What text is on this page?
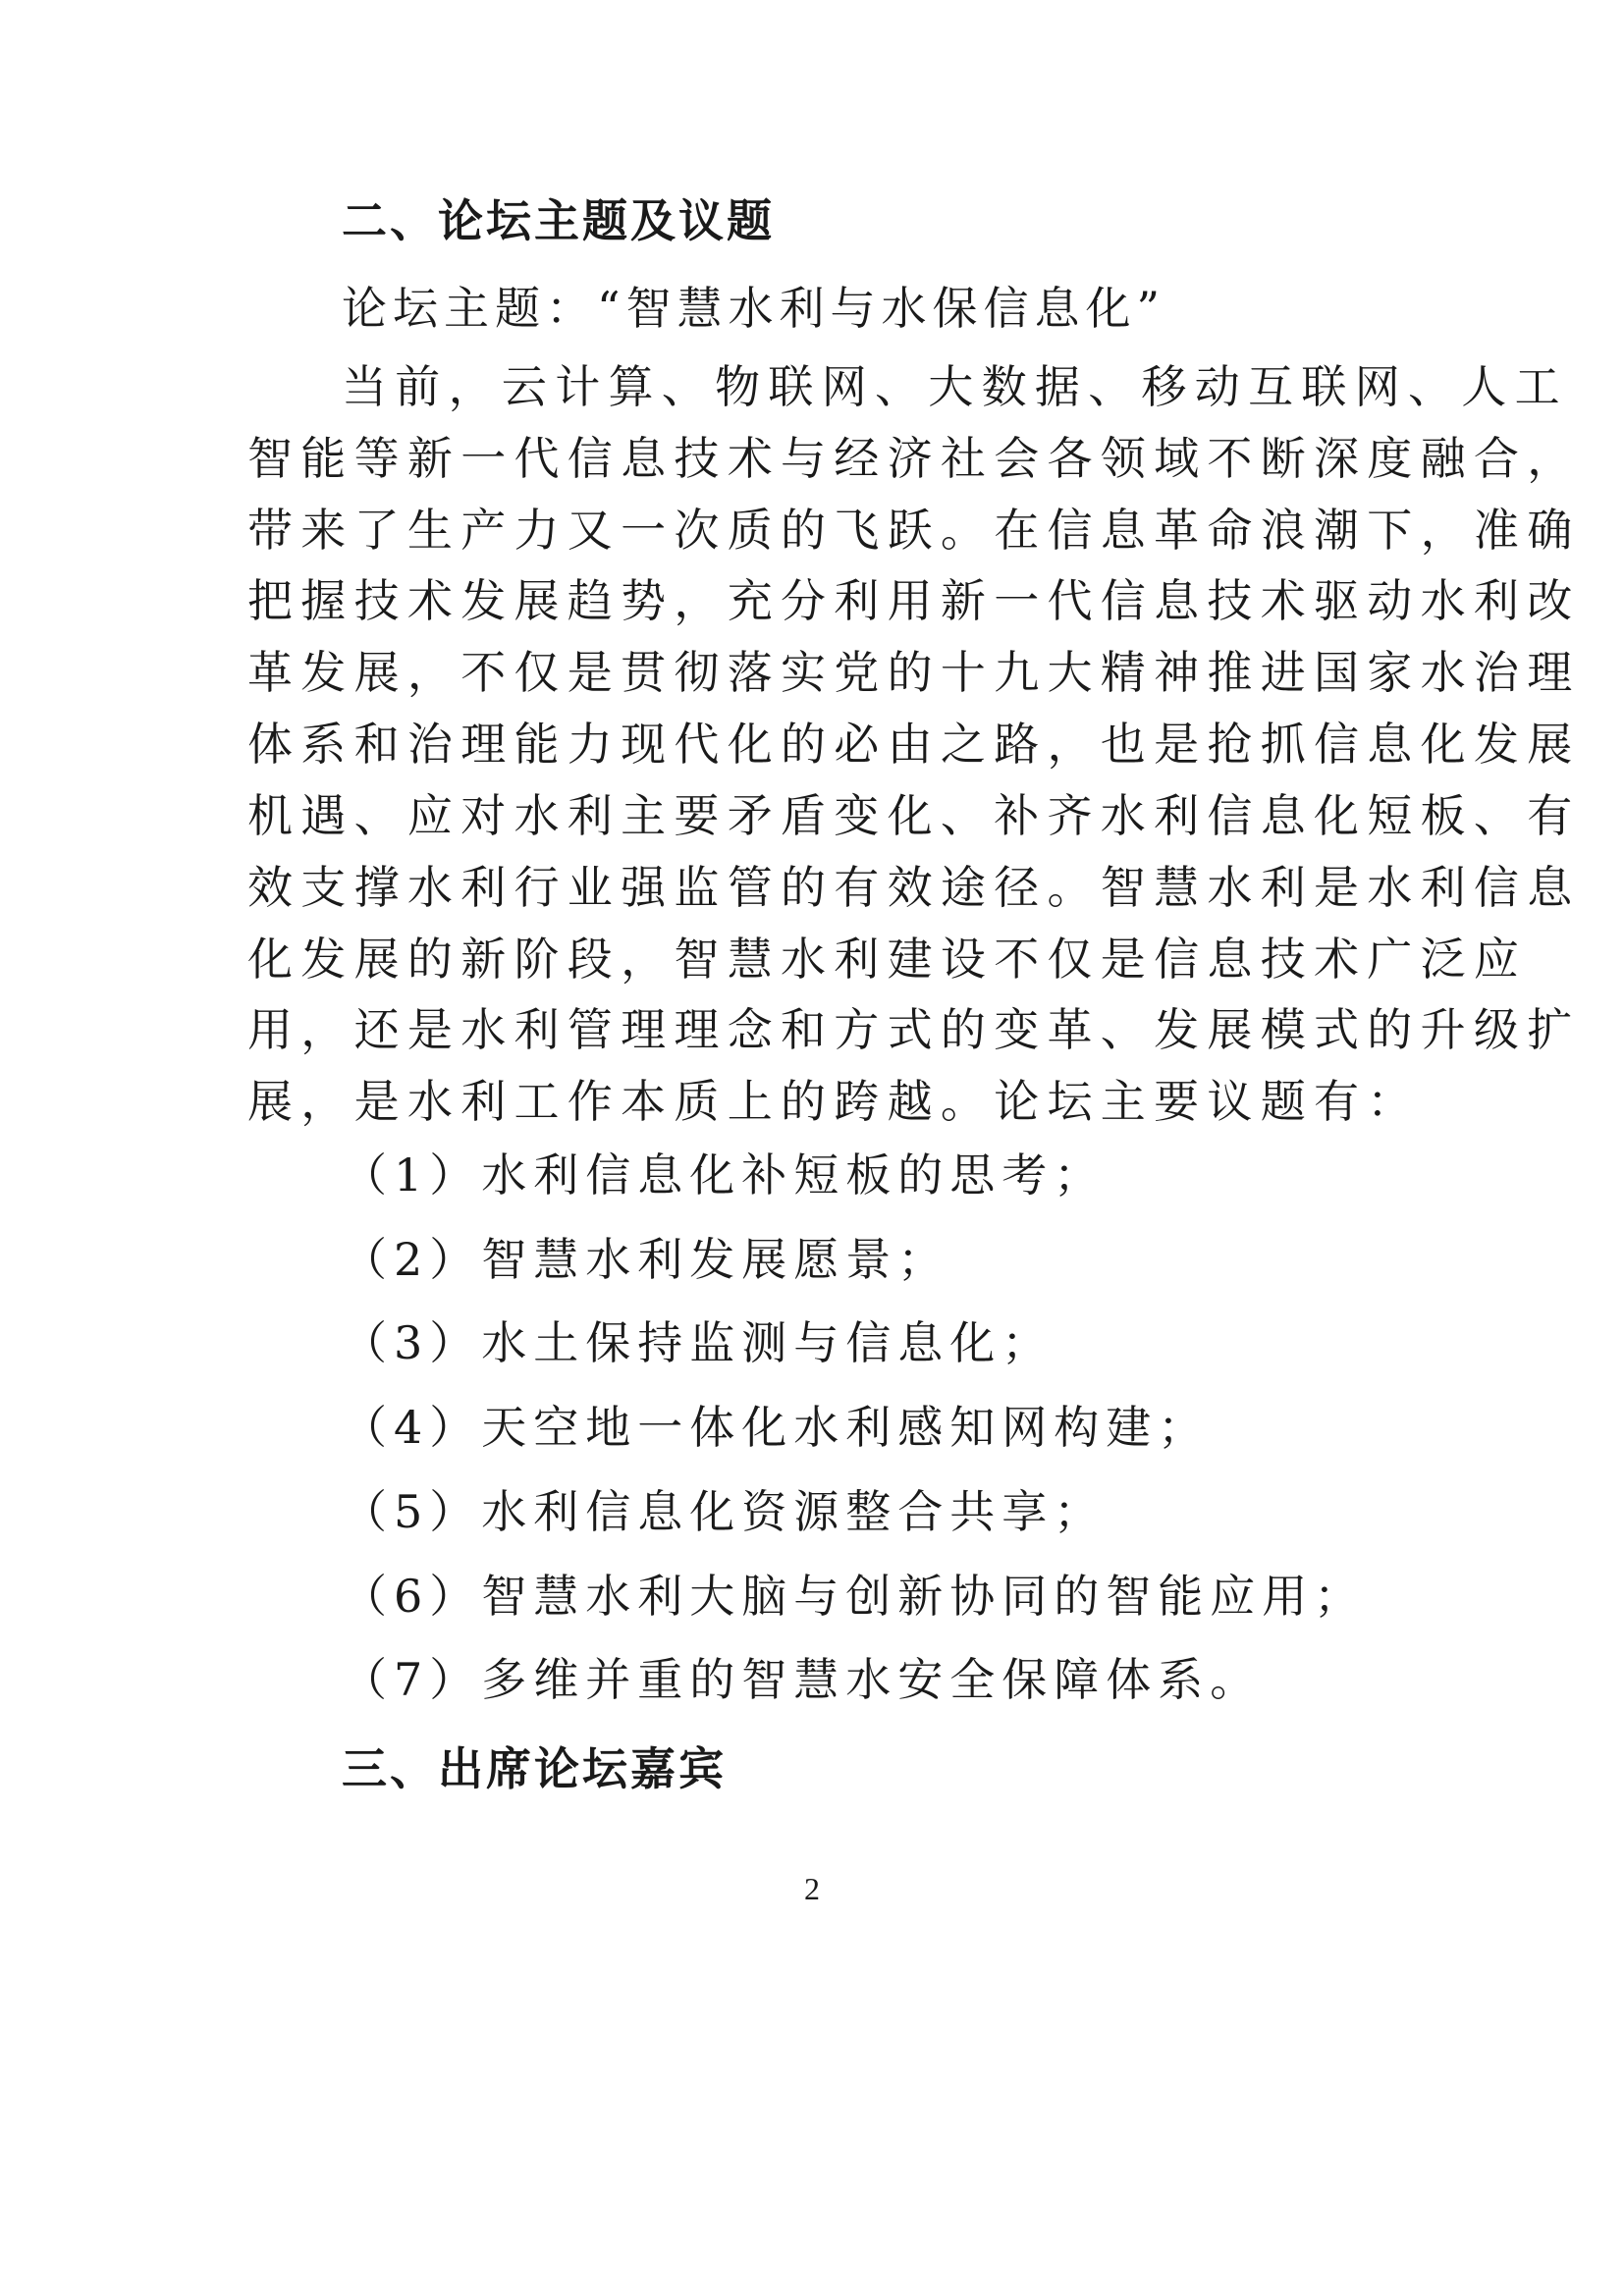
二、论坛主题及议题
论坛主题：“智慧水利与水保信息化”
当前，云计算、物联网、大数据、移动互联网、人工
智能等新一代信息技术与经济社会各领域不断深度融合，
带来了生产力又一次质的飞跃。在信息革命浪潮下，准确
把握技术发展趋势，充分利用新一代信息技术驱动水利改
革发展，不仅是贯彻落实党的十九大精神推进国家水治理
体系和治理能力现代化的必由之路，也是抢抓信息化发展
机遇、应对水利主要矛盾变化、补齐水利信息化短板、有
效支撑水利行业强监管的有效途径。智慧水利是水利信息
化发展的新阶段，智慧水利建设不仅是信息技术广泛应
用，还是水利管理理念和方式的变革、发展模式的升级扩
展，是水利工作本质上的跨越。论坛主要议题有：
（1）水利信息化补短板的思考；
（2）智慧水利发展愿景；
（3）水土保持监测与信息化；
（4）天空地一体化水利感知网构建；
（5）水利信息化资源整合共享；
（6）智慧水利大脑与创新协同的智能应用；
（7）多维并重的智慧水安全保障体系。
三、出席论坛嘉宾
2
